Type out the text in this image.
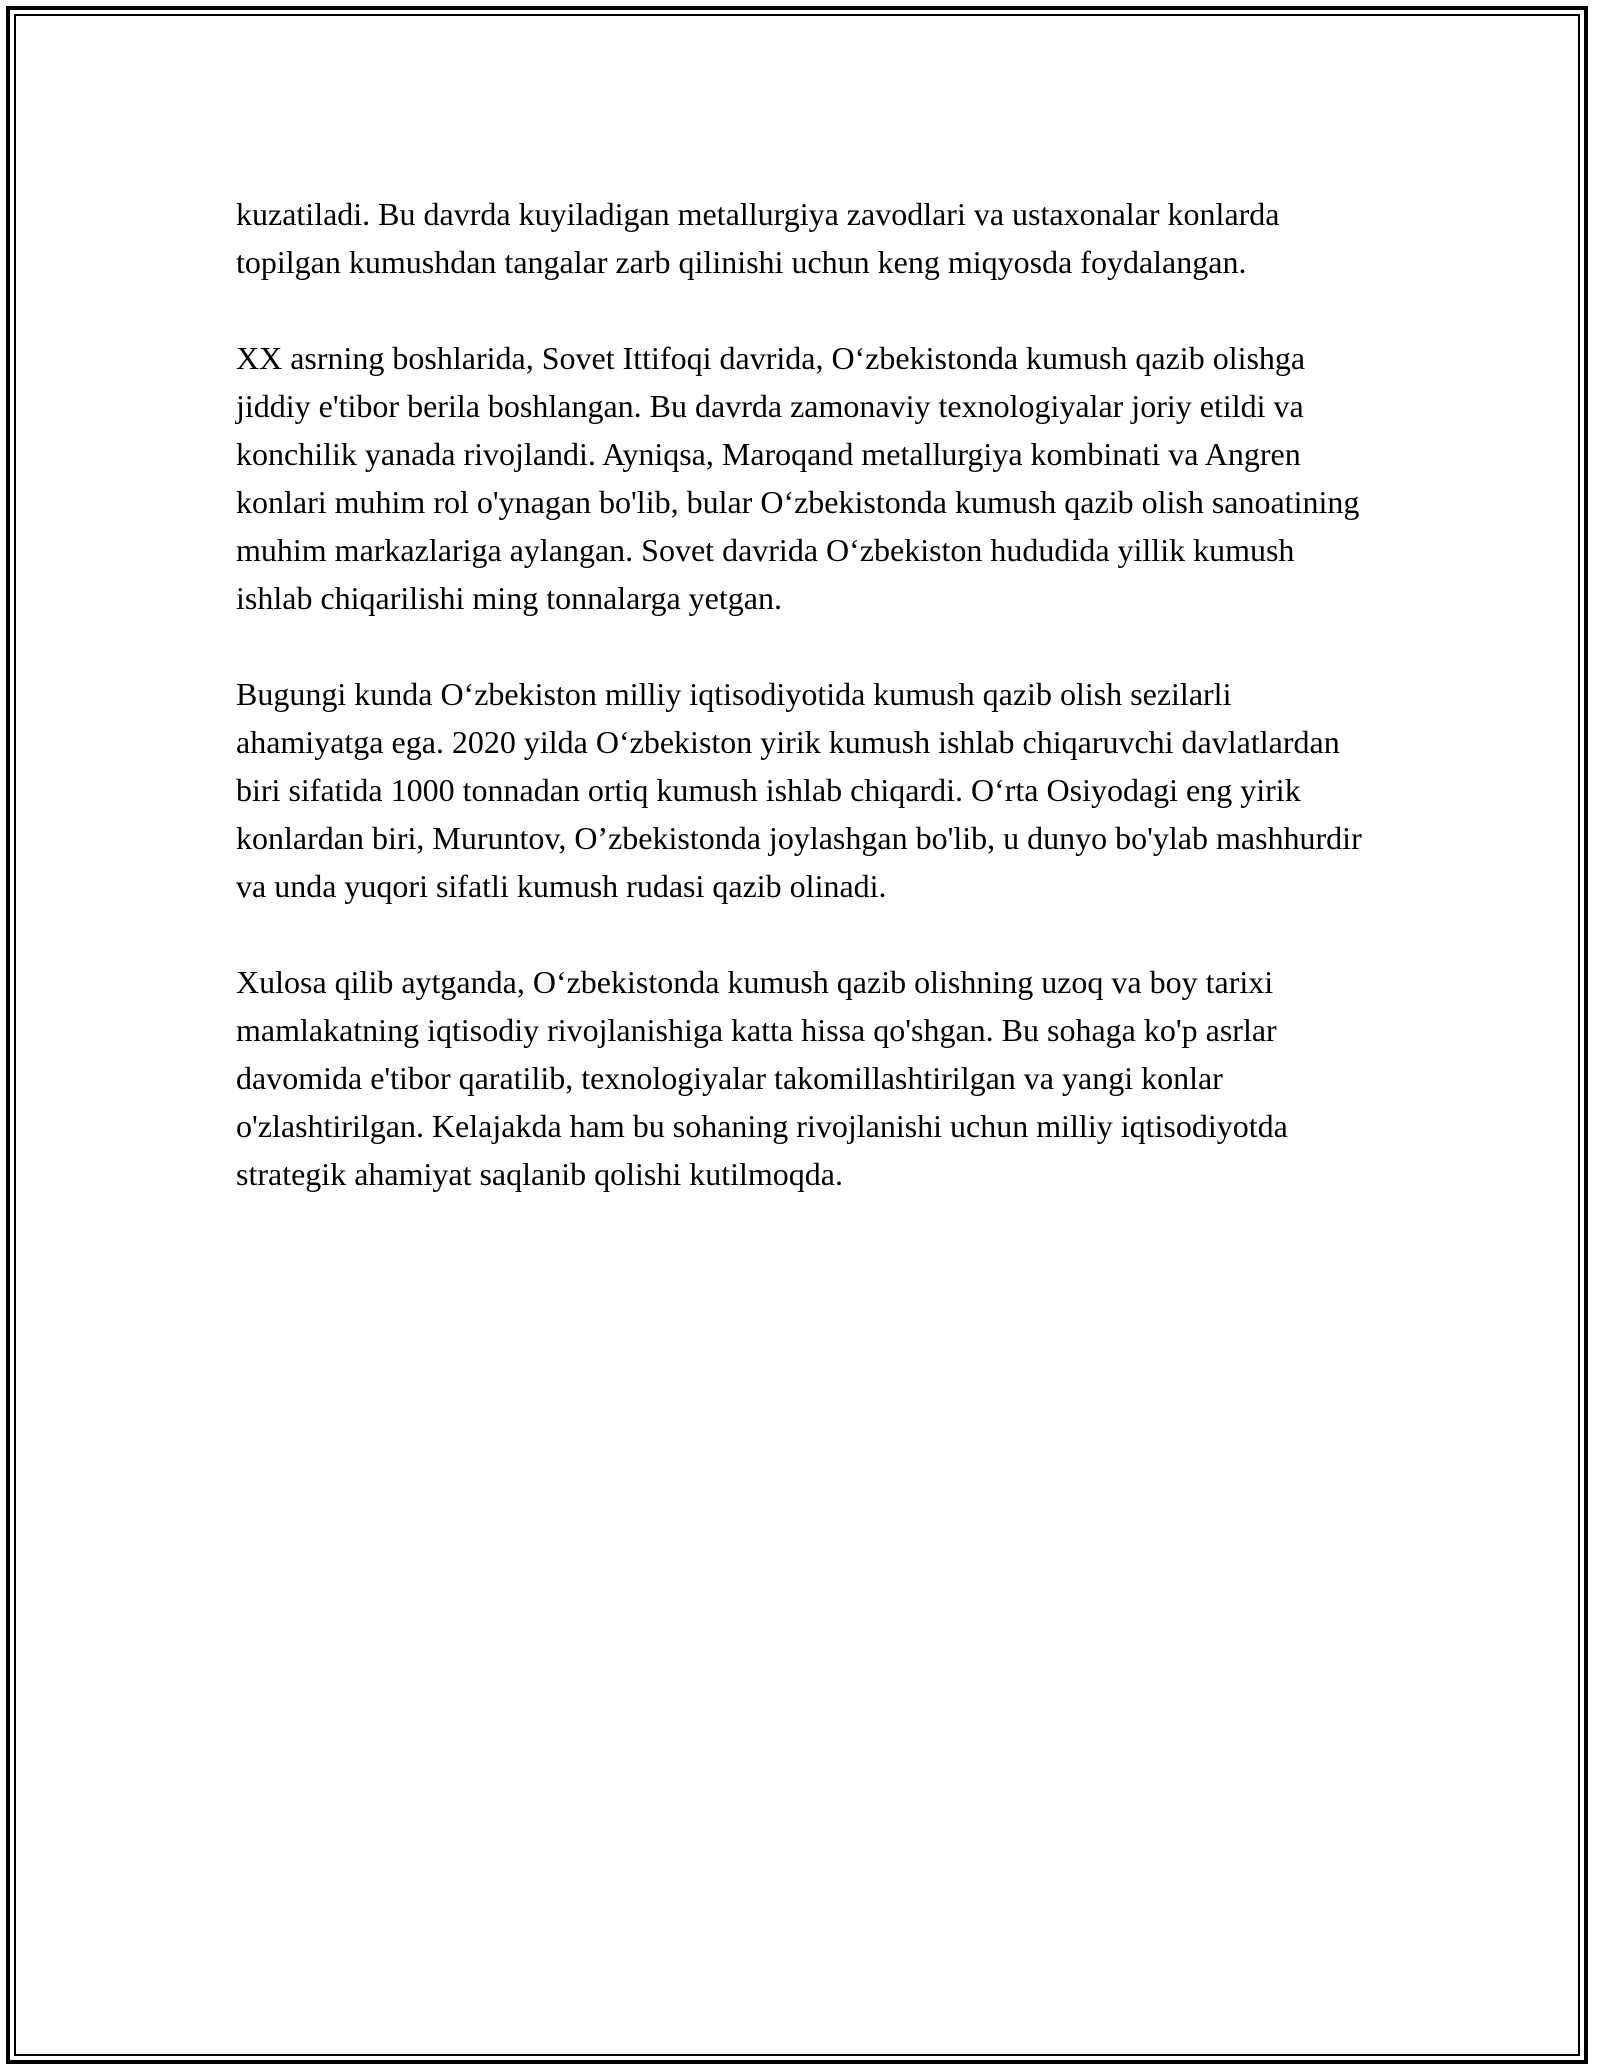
kuzatiladi. Bu davrda kuyiladigan metallurgiya zavodlari va ustaxonalar konlarda topilgan kumushdan tangalar zarb qilinishi uchun keng miqyosda foydalangan.

XX asrning boshlarida, Sovet Ittifoqi davrida, O‘zbekistonda kumush qazib olishga jiddiy e'tibor berila boshlangan. Bu davrda zamonaviy texnologiyalar joriy etildi va konchilik yanada rivojlandi. Ayniqsa, Maroqand metallurgiya kombinati va Angren konlari muhim rol o'ynagan bo'lib, bular O‘zbekistonda kumush qazib olish sanoatining muhim markazlariga aylangan. Sovet davrida O‘zbekiston hududida yillik kumush ishlab chiqarilishi ming tonnalarga yetgan.

Bugungi kunda O‘zbekiston milliy iqtisodiyotida kumush qazib olish sezilarli ahamiyatga ega. 2020 yilda O‘zbekiston yirik kumush ishlab chiqaruvchi davlatlardan biri sifatida 1000 tonnadan ortiq kumush ishlab chiqardi. O‘rta Osiyodagi eng yirik konlardan biri, Muruntov, O’zbekistonda joylashgan bo'lib, u dunyo bo'ylab mashhurdir va unda yuqori sifatli kumush rudasi qazib olinadi.

Xulosa qilib aytganda, O‘zbekistonda kumush qazib olishning uzoq va boy tarixi mamlakatning iqtisodiy rivojlanishiga katta hissa qo'shgan. Bu sohaga ko'p asrlar davomida e'tibor qaratilib, texnologiyalar takomillashtirilgan va yangi konlar o'zlashtirilgan. Kelajakda ham bu sohaning rivojlanishi uchun milliy iqtisodiyotda strategik ahamiyat saqlanib qolishi kutilmoqda.
